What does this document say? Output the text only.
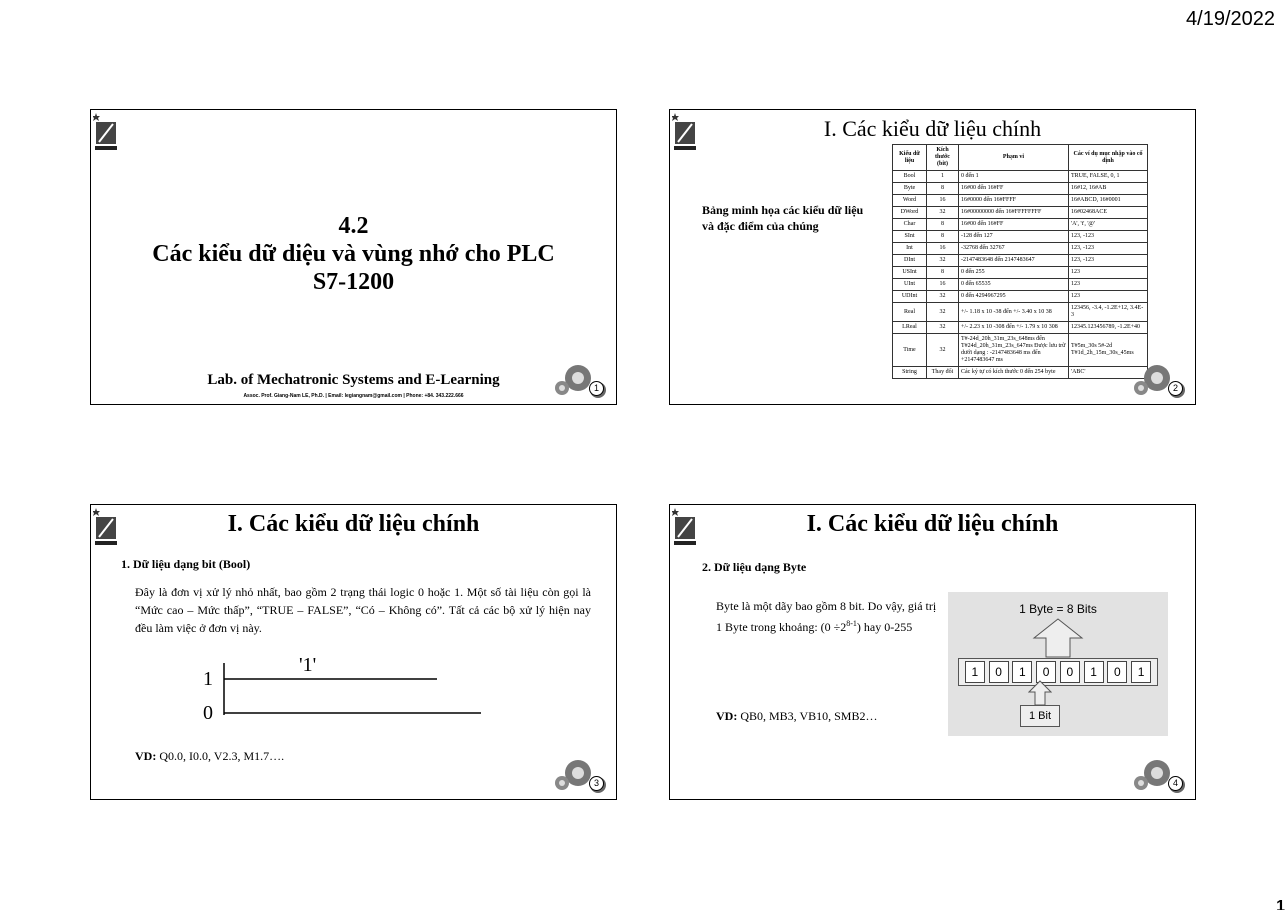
4/19/2022
4.2
Các kiểu dữ diệu và vùng nhớ cho PLC
S7-1200
Lab. of Mechatronic Systems and E-Learning
Assoc. Prof. Giang-Nam LE, Ph.D. | Email: legiangnam@gmail.com | Phone: +84. 343.222.666
1
I. Các kiểu dữ liệu chính
Bảng minh họa các kiểu dữ liệu và đặc điểm của chúng
Kiểu dữ liệu	Kích thước (bit)	Phạm vi	Các ví dụ mục nhập vào cố định
Bool	1	0 đến 1	TRUE, FALSE, 0, 1
Byte	8	16#00 đến 16#FF	16#12, 16#AB
Word	16	16#0000 đến 16#FFFF	16#ABCD, 16#0001
DWord	32	16#00000000 đến 16#FFFFFFFF	16#02468ACE
Char	8	16#00 đến 16#FF	'A', 't', '@'
SInt	8	-128 đến 127	123, -123
Int	16	-32768 đến 32767	123, -123
DInt	32	-2147483648 đến 2147483647	123, -123
USInt	8	0 đến 255	123
UInt	16	0 đến 65535	123
UDInt	32	0 đến 4294967295	123
Real	32	+/- 1.18 x 10 -38 đến +/- 3.40 x 10 38	123456, -3.4, -1.2E+12, 3.4E-3
LReal	32	+/- 2.23 x 10 -308 đến +/- 1.79 x 10 308	12345.123456789, -1.2E+40
Time	32	T#-24d_20h_31m_23s_648ms đến T#24d_20h_31m_23s_647ms Được lưu trữ dưới dạng : -2147483648 ms đến +2147483647 ms	T#5m_30s 5#-2d T#1d_2h_15m_30s_45ms
String	Thay đổi	Các ký tự có kích thước 0 đến 254 byte	'ABC'
2
I. Các kiểu dữ liệu chính
1. Dữ liệu dạng bit (Bool)
Đây là đơn vị xử lý nhỏ nhất, bao gồm 2 trạng thái logic 0 hoặc 1. Một số tài liệu còn gọi là “Mức cao – Mức thấp”, “TRUE – FALSE”, “Có – Không có”. Tất cả các bộ xử lý hiện nay đều làm việc ở đơn vị này.
1
0
'1'
VD: Q0.0, I0.0, V2.3, M1.7….
3
I. Các kiểu dữ liệu chính
2. Dữ liệu dạng Byte
Byte là một dãy bao gồm 8 bit. Do vậy, giá trị 1 Byte trong khoảng: $(0 \div 2^{8-1})$ hay 0-255
VD: QB0, MB3, VB10, SMB2…
1 Byte = 8 Bits
1	0	1	0	0	1	0	1
1 Bit
4
1
